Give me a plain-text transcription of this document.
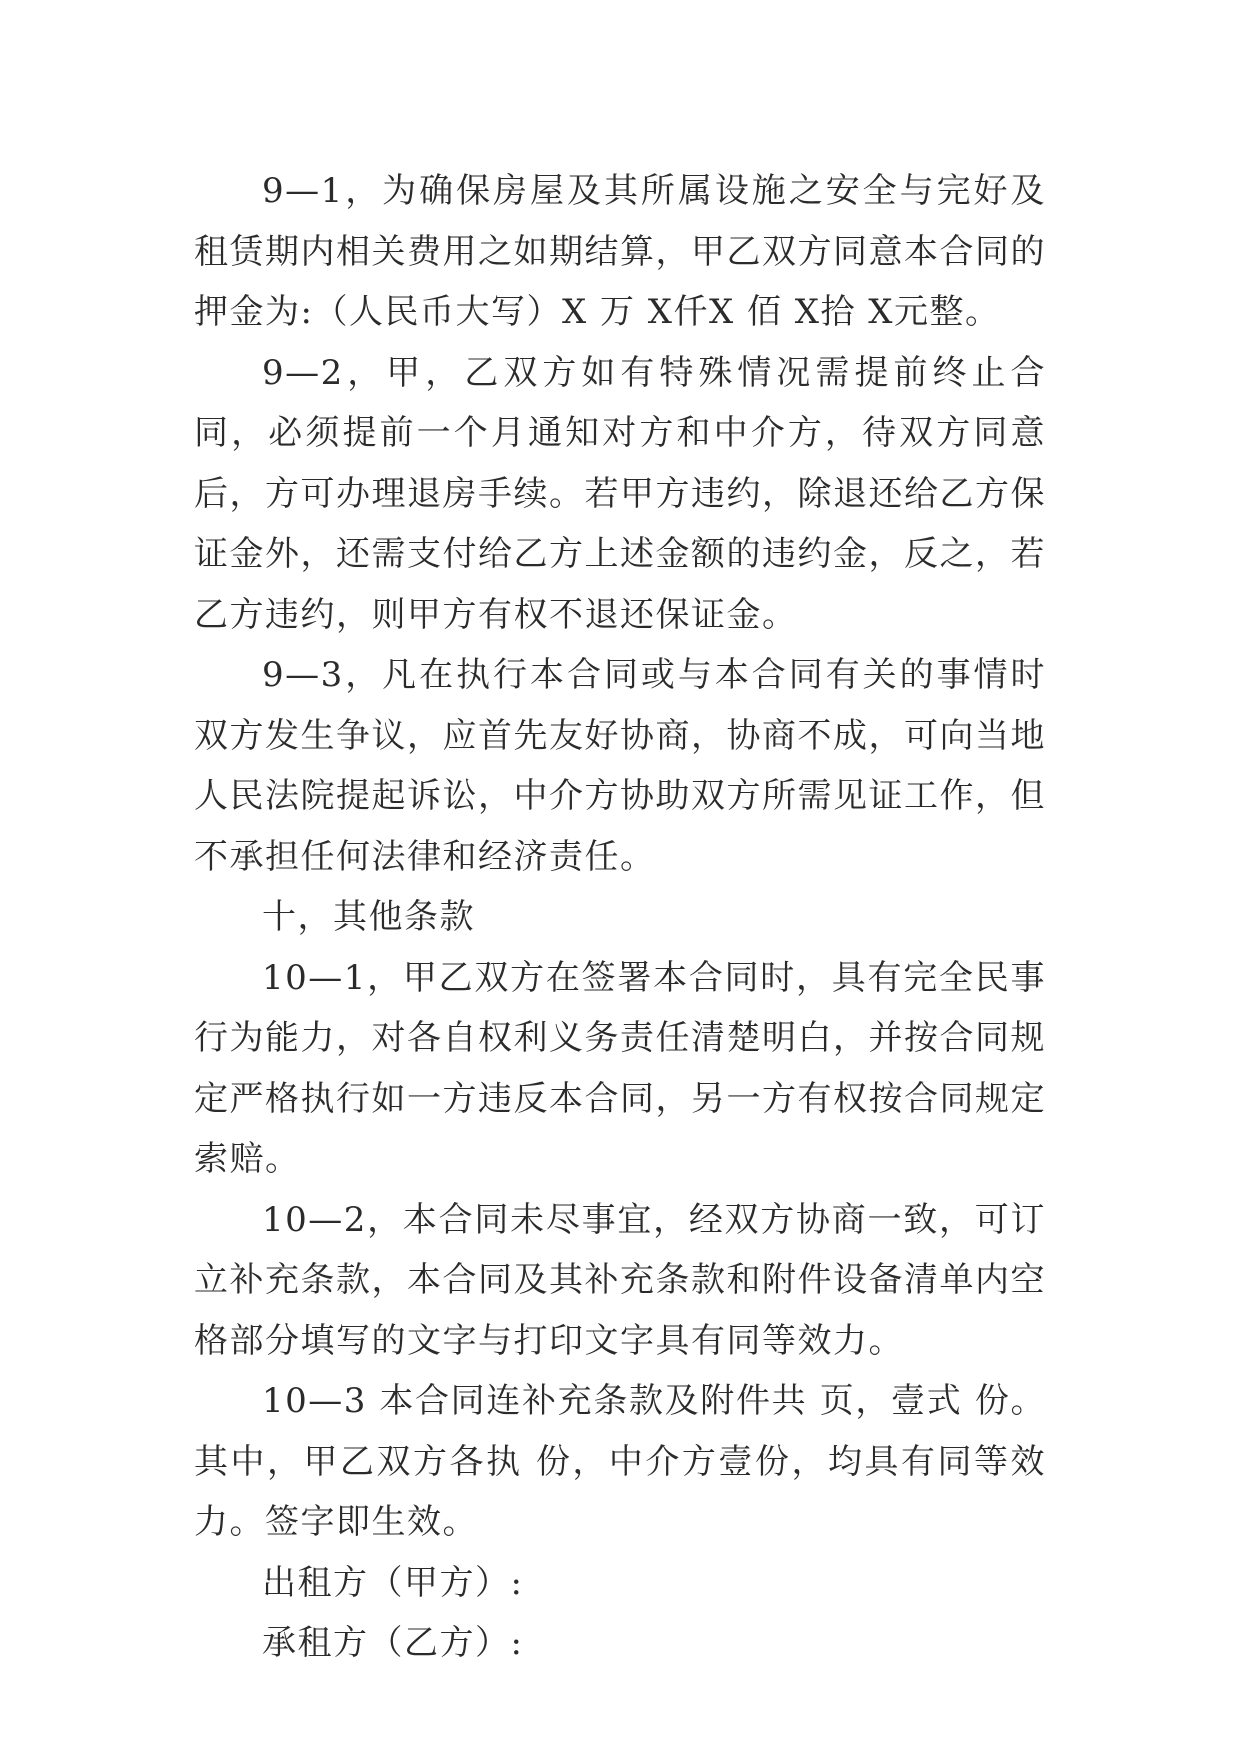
9—1，为确保房屋及其所属设施之安全与完好及租赁期内相关费用之如期结算，甲乙双方同意本合同的押金为:（人民币大写）X 万 X仟X 佰 X拾 X元整。

9—2，甲，乙双方如有特殊情况需提前终止合同，必须提前一个月通知对方和中介方，待双方同意后，方可办理退房手续。若甲方违约，除退还给乙方保证金外，还需支付给乙方上述金额的违约金，反之，若乙方违约，则甲方有权不退还保证金。

9—3，凡在执行本合同或与本合同有关的事情时双方发生争议，应首先友好协商，协商不成，可向当地人民法院提起诉讼，中介方协助双方所需见证工作，但不承担任何法律和经济责任。

十，其他条款

10—1，甲乙双方在签署本合同时，具有完全民事行为能力，对各自权利义务责任清楚明白，并按合同规定严格执行如一方违反本合同，另一方有权按合同规定索赔。

10—2，本合同未尽事宜，经双方协商一致，可订立补充条款，本合同及其补充条款和附件设备清单内空格部分填写的文字与打印文字具有同等效力。

10—3 本合同连补充条款及附件共 页，壹式 份。其中，甲乙双方各执 份，中介方壹份，均具有同等效力。签字即生效。

出租方（甲方）:

承租方（乙方）:
